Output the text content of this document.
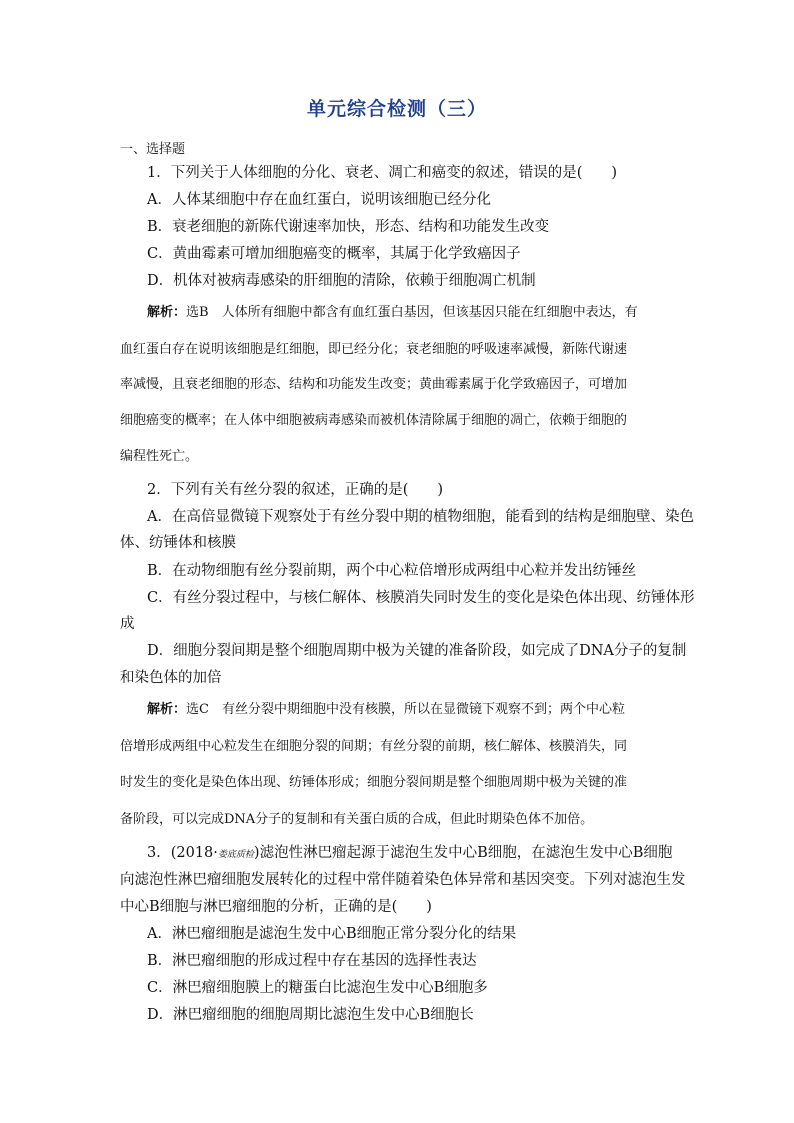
单元综合检测（三）
一、选择题
1．下列关于人体细胞的分化、衰老、凋亡和癌变的叙述，错误的是(　　)
A．人体某细胞中存在血红蛋白，说明该细胞已经分化
B．衰老细胞的新陈代谢速率加快，形态、结构和功能发生改变
C．黄曲霉素可增加细胞癌变的概率，其属于化学致癌因子
D．机体对被病毒感染的肝细胞的清除，依赖于细胞凋亡机制
解析：选B　人体所有细胞中都含有血红蛋白基因，但该基因只能在红细胞中表达，有
血红蛋白存在说明该细胞是红细胞，即已经分化；衰老细胞的呼吸速率减慢，新陈代谢速
率减慢，且衰老细胞的形态、结构和功能发生改变；黄曲霉素属于化学致癌因子，可增加
细胞癌变的概率；在人体中细胞被病毒感染而被机体清除属于细胞的凋亡，依赖于细胞的
编程性死亡。
2．下列有关有丝分裂的叙述，正确的是(　　)
A．在高倍显微镜下观察处于有丝分裂中期的植物细胞，能看到的结构是细胞壁、染色
体、纺锤体和核膜
B．在动物细胞有丝分裂前期，两个中心粒倍增形成两组中心粒并发出纺锤丝
C．有丝分裂过程中，与核仁解体、核膜消失同时发生的变化是染色体出现、纺锤体形
成
D．细胞分裂间期是整个细胞周期中极为关键的准备阶段，如完成了DNA分子的复制
和染色体的加倍
解析：选C　有丝分裂中期细胞中没有核膜，所以在显微镜下观察不到；两个中心粒
倍增形成两组中心粒发生在细胞分裂的间期；有丝分裂的前期，核仁解体、核膜消失，同
时发生的变化是染色体出现、纺锤体形成；细胞分裂间期是整个细胞周期中极为关键的准
备阶段，可以完成DNA分子的复制和有关蛋白质的合成，但此时期染色体不加倍。
3．(2018·娄底质检)滤泡性淋巴瘤起源于滤泡生发中心B细胞，在滤泡生发中心B细胞
向滤泡性淋巴瘤细胞发展转化的过程中常伴随着染色体异常和基因突变。下列对滤泡生发
中心B细胞与淋巴瘤细胞的分析，正确的是(　　)
A．淋巴瘤细胞是滤泡生发中心B细胞正常分裂分化的结果
B．淋巴瘤细胞的形成过程中存在基因的选择性表达
C．淋巴瘤细胞膜上的糖蛋白比滤泡生发中心B细胞多
D．淋巴瘤细胞的细胞周期比滤泡生发中心B细胞长
